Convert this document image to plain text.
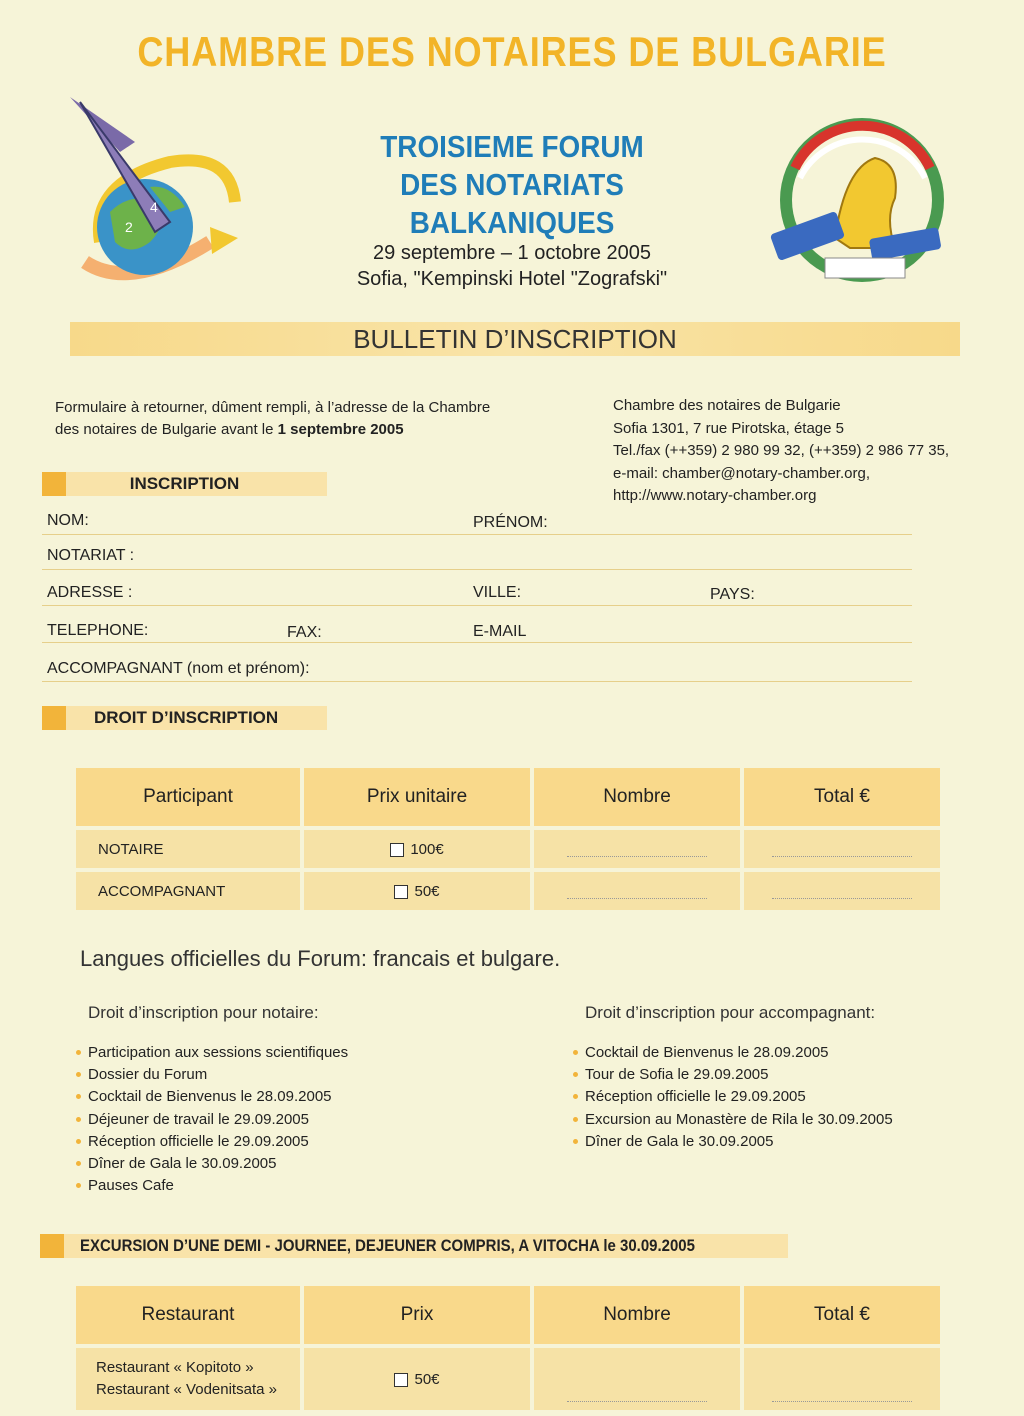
CHAMBRE DES NOTAIRES DE BULGARIE
2
4
TROISIEME FORUM
DES NOTARIATS BALKANIQUES
29 septembre – 1 octobre 2005
Sofia, "Kempinski Hotel "Zografski"
BULLETIN D’INSCRIPTION
Formulaire à retourner, dûment rempli, à l’adresse de la Chambre
des notaires de Bulgarie avant le 1 septembre 2005
Chambre des notaires de Bulgarie
Sofia 1301, 7 rue Pirotska, étage 5
Tel./fax (++359) 2 980 99 32, (++359) 2 986 77 35,
e-mail: chamber@notary-chamber.org,
http://www.notary-chamber.org
INSCRIPTION
NOM:	PRÉNOM:
NOTARIAT :
ADRESSE :	VILLE:	PAYS:
TELEPHONE:	FAX:	E-MAIL
ACCOMPAGNANT (nom et prénom):
DROIT D’INSCRIPTION
Participant	Prix unitaire	Nombre	Total €
NOTAIRE	100€	

ACCOMPAGNANT	50€	

Langues officielles du Forum: francais et bulgare.
Droit d’inscription pour notaire:
Participation aux sessions scientifiques
Dossier du Forum
Cocktail de Bienvenus le 28.09.2005
Déjeuner de travail le 29.09.2005
Réception officielle le 29.09.2005
Dîner de Gala le 30.09.2005
Pauses Cafe
Droit d’inscription pour accompagnant:
Cocktail de Bienvenus le 28.09.2005
Tour de Sofia le 29.09.2005
Réception officielle le 29.09.2005
Excursion au Monastère de Rila le 30.09.2005
Dîner de Gala le 30.09.2005
EXCURSION D’UNE DEMI - JOURNEE, DEJEUNER COMPRIS, A VITOCHA le 30.09.2005
Restaurant	Prix	Nombre	Total €

Restaurant « Kopitoto »
Restaurant « Vodenitsata »	50€	
